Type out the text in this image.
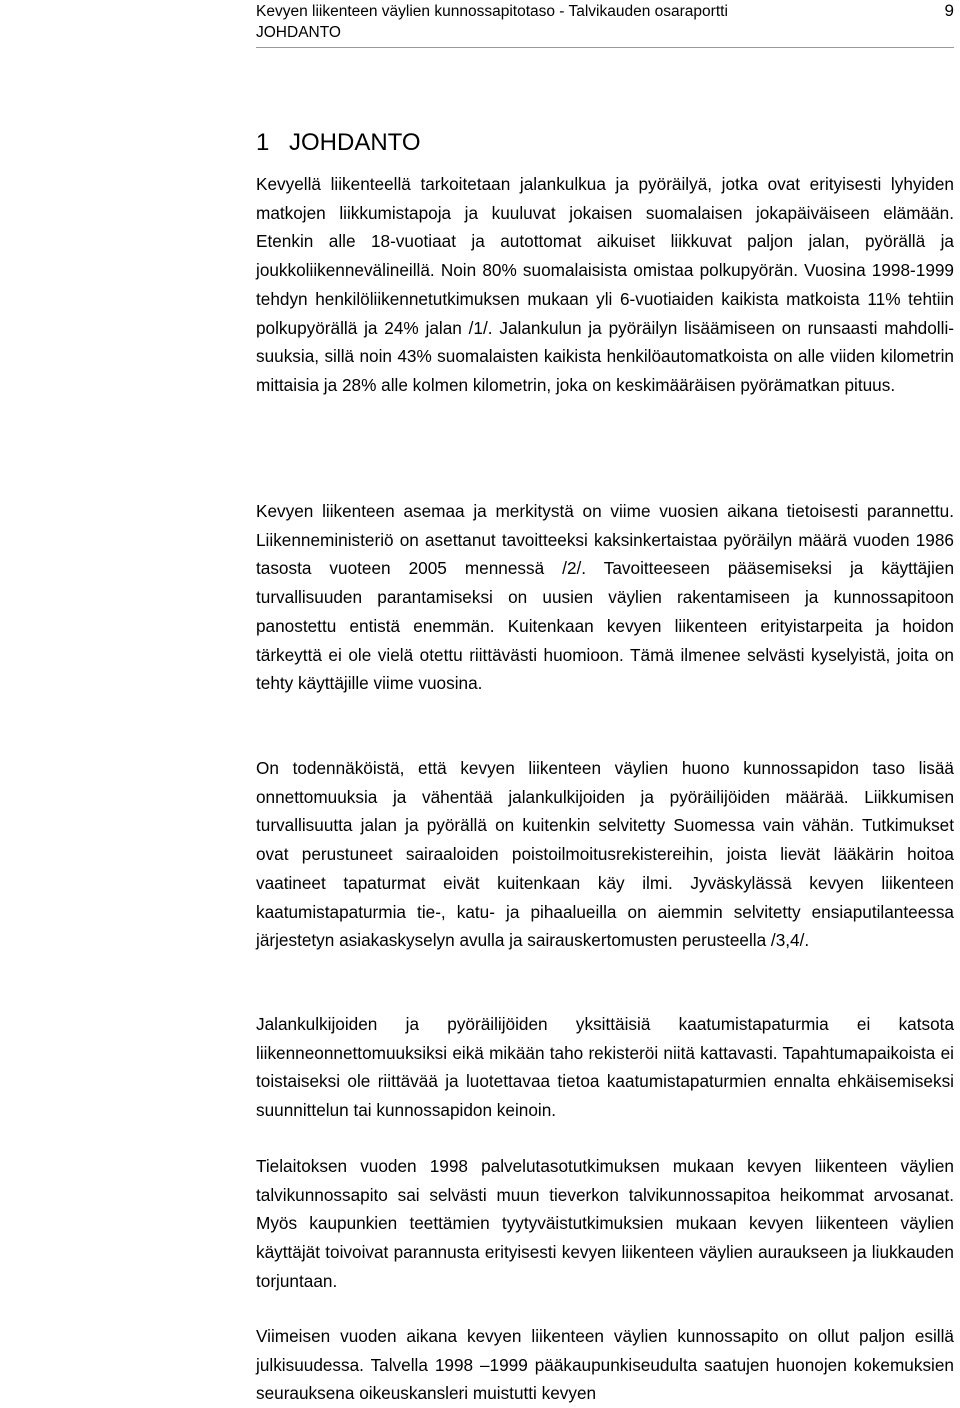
Kevyen liikenteen väylien kunnossapitotaso - Talvikauden osaraportti
JOHDANTO
9
1 JOHDANTO

Kevyellä liikenteellä tarkoitetaan jalankulkua ja pyöräilyä, jotka ovat erityisesti lyhyiden matkojen liikkumistapoja ja kuuluvat jokaisen suomalaisen jokapäiväiseen elämään. Etenkin alle 18-vuotiaat ja autottomat aikuiset liikkuvat paljon jalan, pyörällä ja joukkoliikennevälineillä. Noin 80% suomalaisista omistaa polkupyörän. Vuosina 1998-1999 tehdyn henkilöliikennetutkimuksen mukaan yli 6-vuotiaiden kaikista matkoista 11% tehtiin polkupyörällä ja 24% jalan /1/. Jalankulun ja pyöräilyn lisäämiseen on runsaasti mahdollisuuksia, sillä noin 43% suomalaisten kaikista henkilöautomatkoista on alle viiden kilometrin mittaisia ja 28% alle kolmen kilometrin, joka on keskimääräisen pyörämatkan pituus.

Kevyen liikenteen asemaa ja merkitystä on viime vuosien aikana tietoisesti parannettu. Liikenneministeriö on asettanut tavoitteeksi kaksinkertaistaa pyöräilyn määrä vuoden 1986 tasosta vuoteen 2005 mennessä /2/. Tavoitteeseen pääsemiseksi ja käyttäjien turvallisuuden parantamiseksi on uusien väylien rakentamiseen ja kunnossapitoon panostettu entistä enemmän. Kuitenkaan kevyen liikenteen erityistarpeita ja hoidon tärkeyttä ei ole vielä otettu riittävästi huomioon. Tämä ilmenee selvästi kyselyistä, joita on tehty käyttäjille viime vuosina.

On todennäköistä, että kevyen liikenteen väylien huono kunnossapidon taso lisää onnettomuuksia ja vähentää jalankulkijoiden ja pyöräilijöiden määrää. Liikkumisen turvallisuutta jalan ja pyörällä on kuitenkin selvitetty Suomessa vain vähän. Tutkimukset ovat perustuneet sairaaloiden poistoilmoitusrekistereihin, joista lievät lääkärin hoitoa vaatineet tapaturmat eivät kuitenkaan käy ilmi. Jyväskylässä kevyen liikenteen kaatumistapaturmia tie-, katu- ja pihaalueilla on aiemmin selvitetty ensiaputilanteessa järjestetyn asiakaskyselyn avulla ja sairauskertomusten perusteella /3,4/.

Jalankulkijoiden ja pyöräilijöiden yksittäisiä kaatumistapaturmia ei katsota liikenneonnettomuuksiksi eikä mikään taho rekisteröi niitä kattavasti. Tapahtumapaikoista ei toistaiseksi ole riittävää ja luotettavaa tietoa kaatumistapaturmien ennalta ehkäisemiseksi suunnittelun tai kunnossapidon keinoin.

Tielaitoksen vuoden 1998 palvelutasotutkimuksen mukaan kevyen liikenteen väylien talvikunnossapito sai selvästi muun tieverkon talvikunnossapitoa heikommat arvosanat. Myös kaupunkien teettämien tyytyväistutkimuksien mukaan kevyen liikenteen väylien käyttäjät toivoivat parannusta erityisesti kevyen liikenteen väylien auraukseen ja liukkauden torjuntaan.

Viimeisen vuoden aikana kevyen liikenteen väylien kunnossapito on ollut paljon esillä julkisuudessa. Talvella 1998 –1999 pääkaupunkiseudulta saatujen huonojen kokemuksien seurauksena oikeuskansleri muistutti kevyen
